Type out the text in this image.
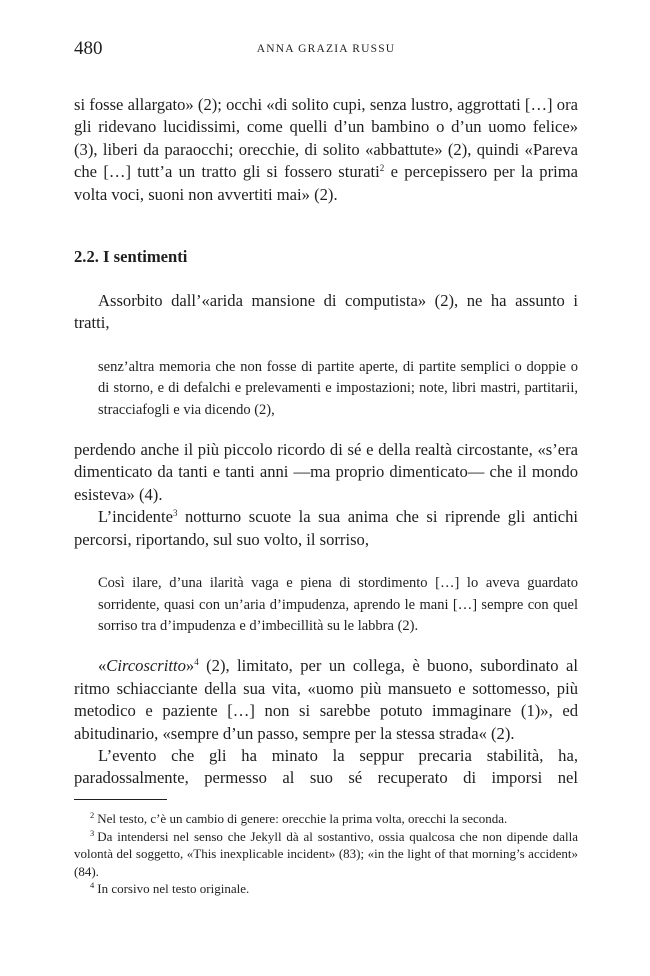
480	ANNA GRAZIA RUSSU

si fosse allargato» (2); occhi «di solito cupi, senza lustro, aggrottati […] ora gli ridevano lucidissimi, come quelli d’un bambino o d’un uomo felice» (3), liberi da paraocchi; orecchie, di solito «abbattute» (2), quindi «Pareva che […] tutt’a un tratto gli si fossero sturati$^2$ e percepissero per la prima volta voci, suoni non avvertiti mai» (2).

2.2. I sentimenti

Assorbito dall’«arida mansione di computista» (2), ne ha assunto i tratti,

senz’altra memoria che non fosse di partite aperte, di partite semplici o doppie o di storno, e di defalchi e prelevamenti e impostazioni; note, libri mastri, partitarii, stracciafogli e via dicendo (2),

perdendo anche il più piccolo ricordo di sé e della realtà circostante, «s’era dimenticato da tanti e tanti anni —ma proprio dimenticato— che il mondo esisteva» (4).

L’incidente$^3$ notturno scuote la sua anima che si riprende gli antichi percorsi, riportando, sul suo volto, il sorriso,

Così ilare, d’una ilarità vaga e piena di stordimento […] lo aveva guardato sorridente, quasi con un’aria d’impudenza, aprendo le mani […] sempre con quel sorriso tra d’impudenza e d’imbecillità su le labbra (2).

«Circoscritto»$^4$ (2), limitato, per un collega, è buono, subordinato al ritmo schiacciante della sua vita, «uomo più mansueto e sottomesso, più metodico e paziente […] non si sarebbe potuto immaginare (1)», ed abitudinario, «sempre d’un passo, sempre per la stessa strada« (2).

L’evento che gli ha minato la seppur precaria stabilità, ha, paradossalmente, permesso al suo sé recuperato di imporsi nel

$^2$ Nel testo, c’è un cambio di genere: orecchie la prima volta, orecchi la seconda.

$^3$ Da intendersi nel senso che Jekyll dà al sostantivo, ossia qualcosa che non dipende dalla volontà del soggetto, «This inexplicable incident» (83); «in the light of that morning’s accident» (84).

$^4$ In corsivo nel testo originale.
